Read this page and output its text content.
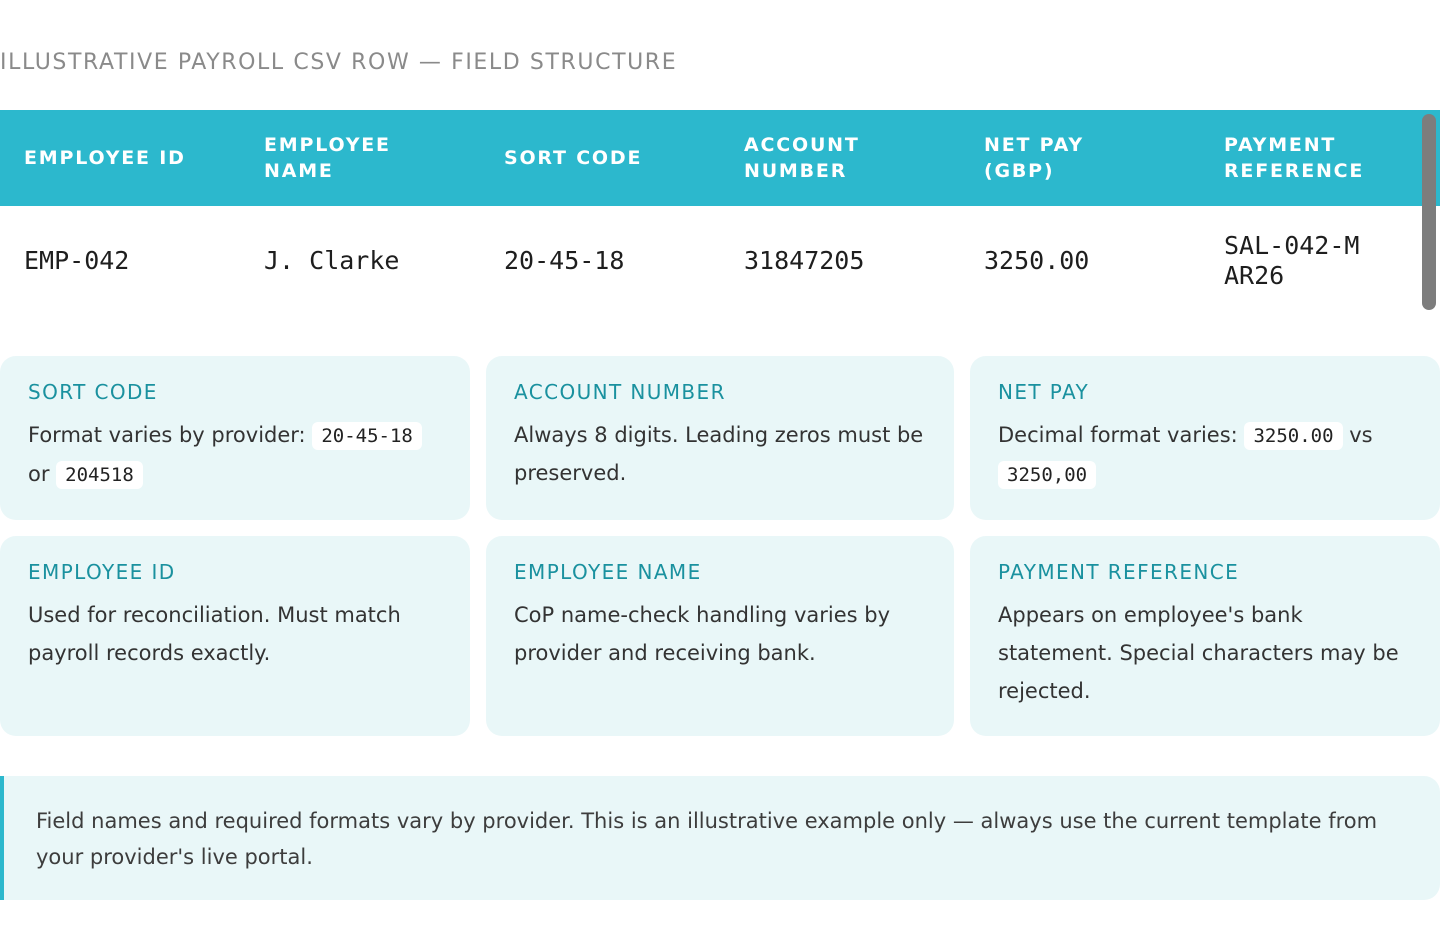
ILLUSTRATIVE PAYROLL CSV ROW — FIELD STRUCTURE
EMPLOYEE ID	EMPLOYEE NAME	SORT CODE	ACCOUNT NUMBER	NET PAY (GBP)	PAYMENT REFERENCE

EMP-042	J. Clarke	20-45-18	31847205	3250.00	SAL-042-MAR26
SORT CODE
Format varies by provider: 20-45-18 or 204518
ACCOUNT NUMBER
Always 8 digits. Leading zeros must be preserved.
NET PAY
Decimal format varies: 3250.00 vs 3250,00
EMPLOYEE ID
Used for reconciliation. Must match payroll records exactly.
EMPLOYEE NAME
CoP name-check handling varies by provider and receiving bank.
PAYMENT REFERENCE
Appears on employee's bank statement. Special characters may be rejected.
Field names and required formats vary by provider. This is an illustrative example only — always use the current template from your provider's live portal.
